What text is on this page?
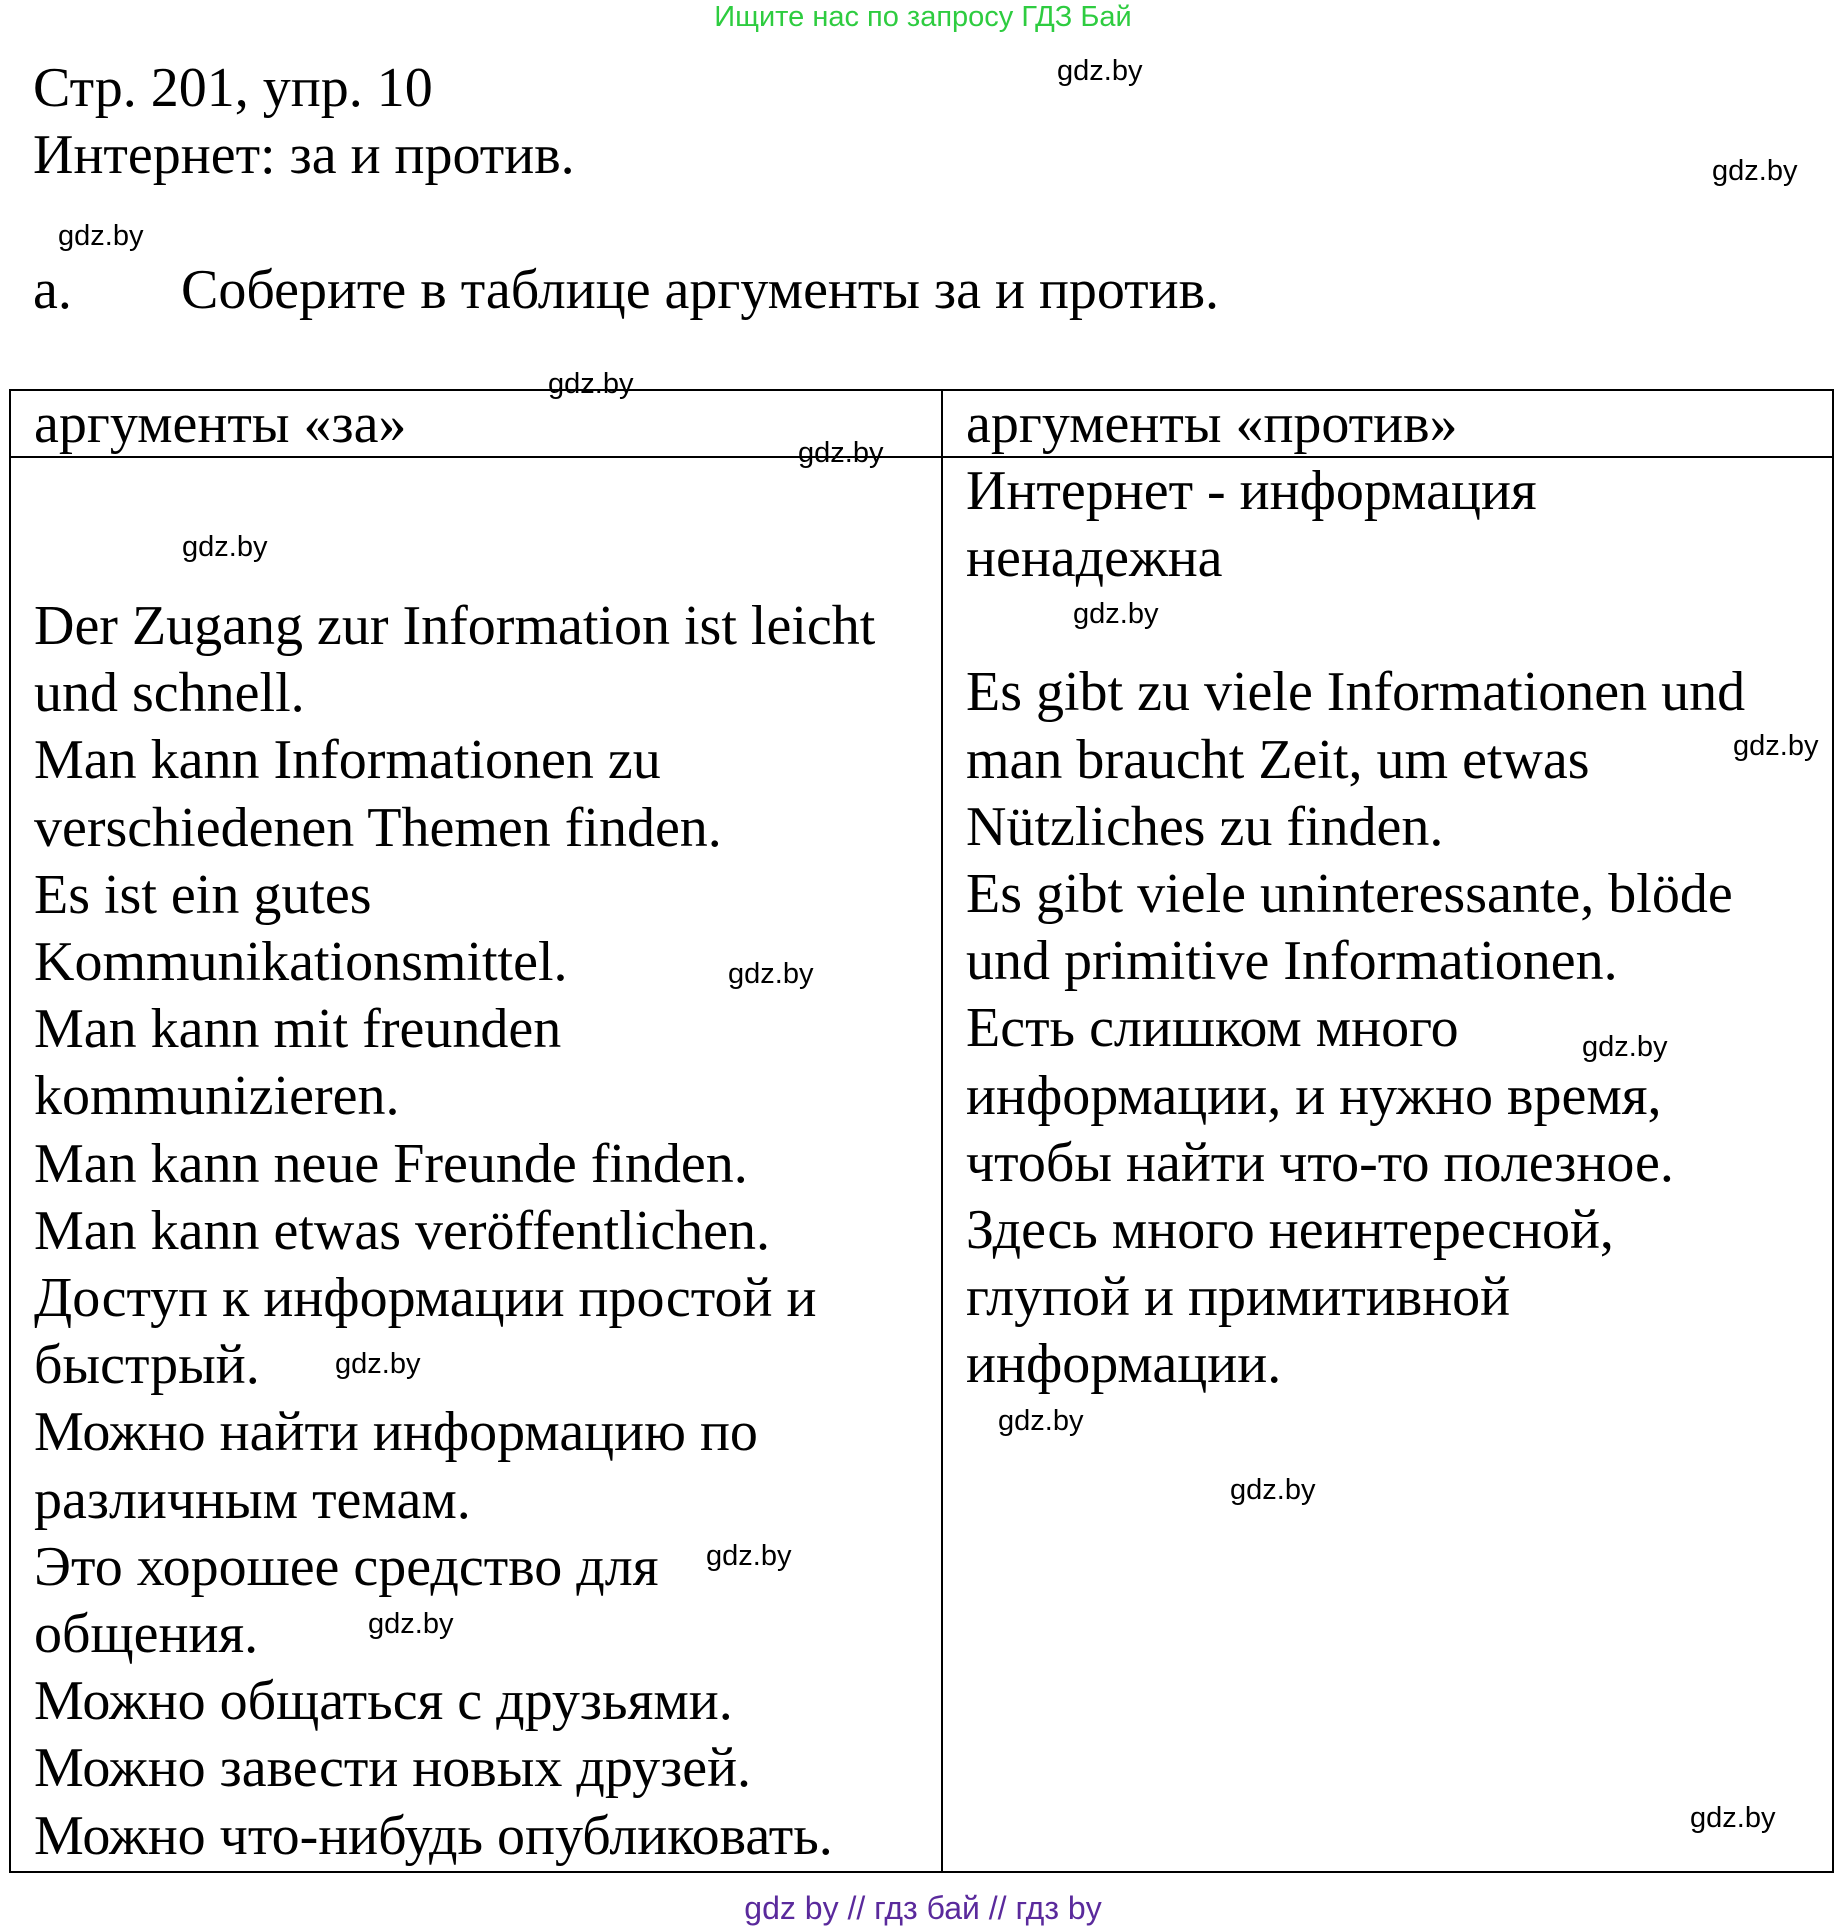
Ищите нас по запросу ГДЗ Бай
Стр. 201, упр. 10
Интернет: за и против.
а. Соберите в таблице аргументы за и против.
аргументы «за»	аргументы «против»
Der Zugang zur Information ist leicht
und schnell.
Man kann Informationen zu
verschiedenen Themen finden.
Es ist ein gutes
Kommunikationsmittel.
Man kann mit freunden
kommunizieren.
Man kann neue Freunde finden.
Man kann etwas veröffentlichen.
Доступ к информации простой и
быстрый.
Можно найти информацию по
различным темам.
Это хорошее средство для
общения.
Можно общаться с друзьями.
Можно завести новых друзей.
Можно что-нибудь опубликовать.
Интернет - информация
ненадежна
Es gibt zu viele Informationen und
man braucht Zeit, um etwas
Nützliches zu finden.
Es gibt viele uninteressante, blöde
und primitive Informationen.
Есть слишком много
информации, и нужно время,
чтобы найти что-то полезное.
Здесь много неинтересной,
глупой и примитивной
информации.
gdz.by
gdz.by
gdz.by
gdz.by
gdz.by
gdz.by
gdz.by
gdz.by
gdz.by
gdz.by
gdz.by
gdz.by
gdz.by
gdz.by
gdz.by
gdz.by
gdz by // гдз бай // гдз by
